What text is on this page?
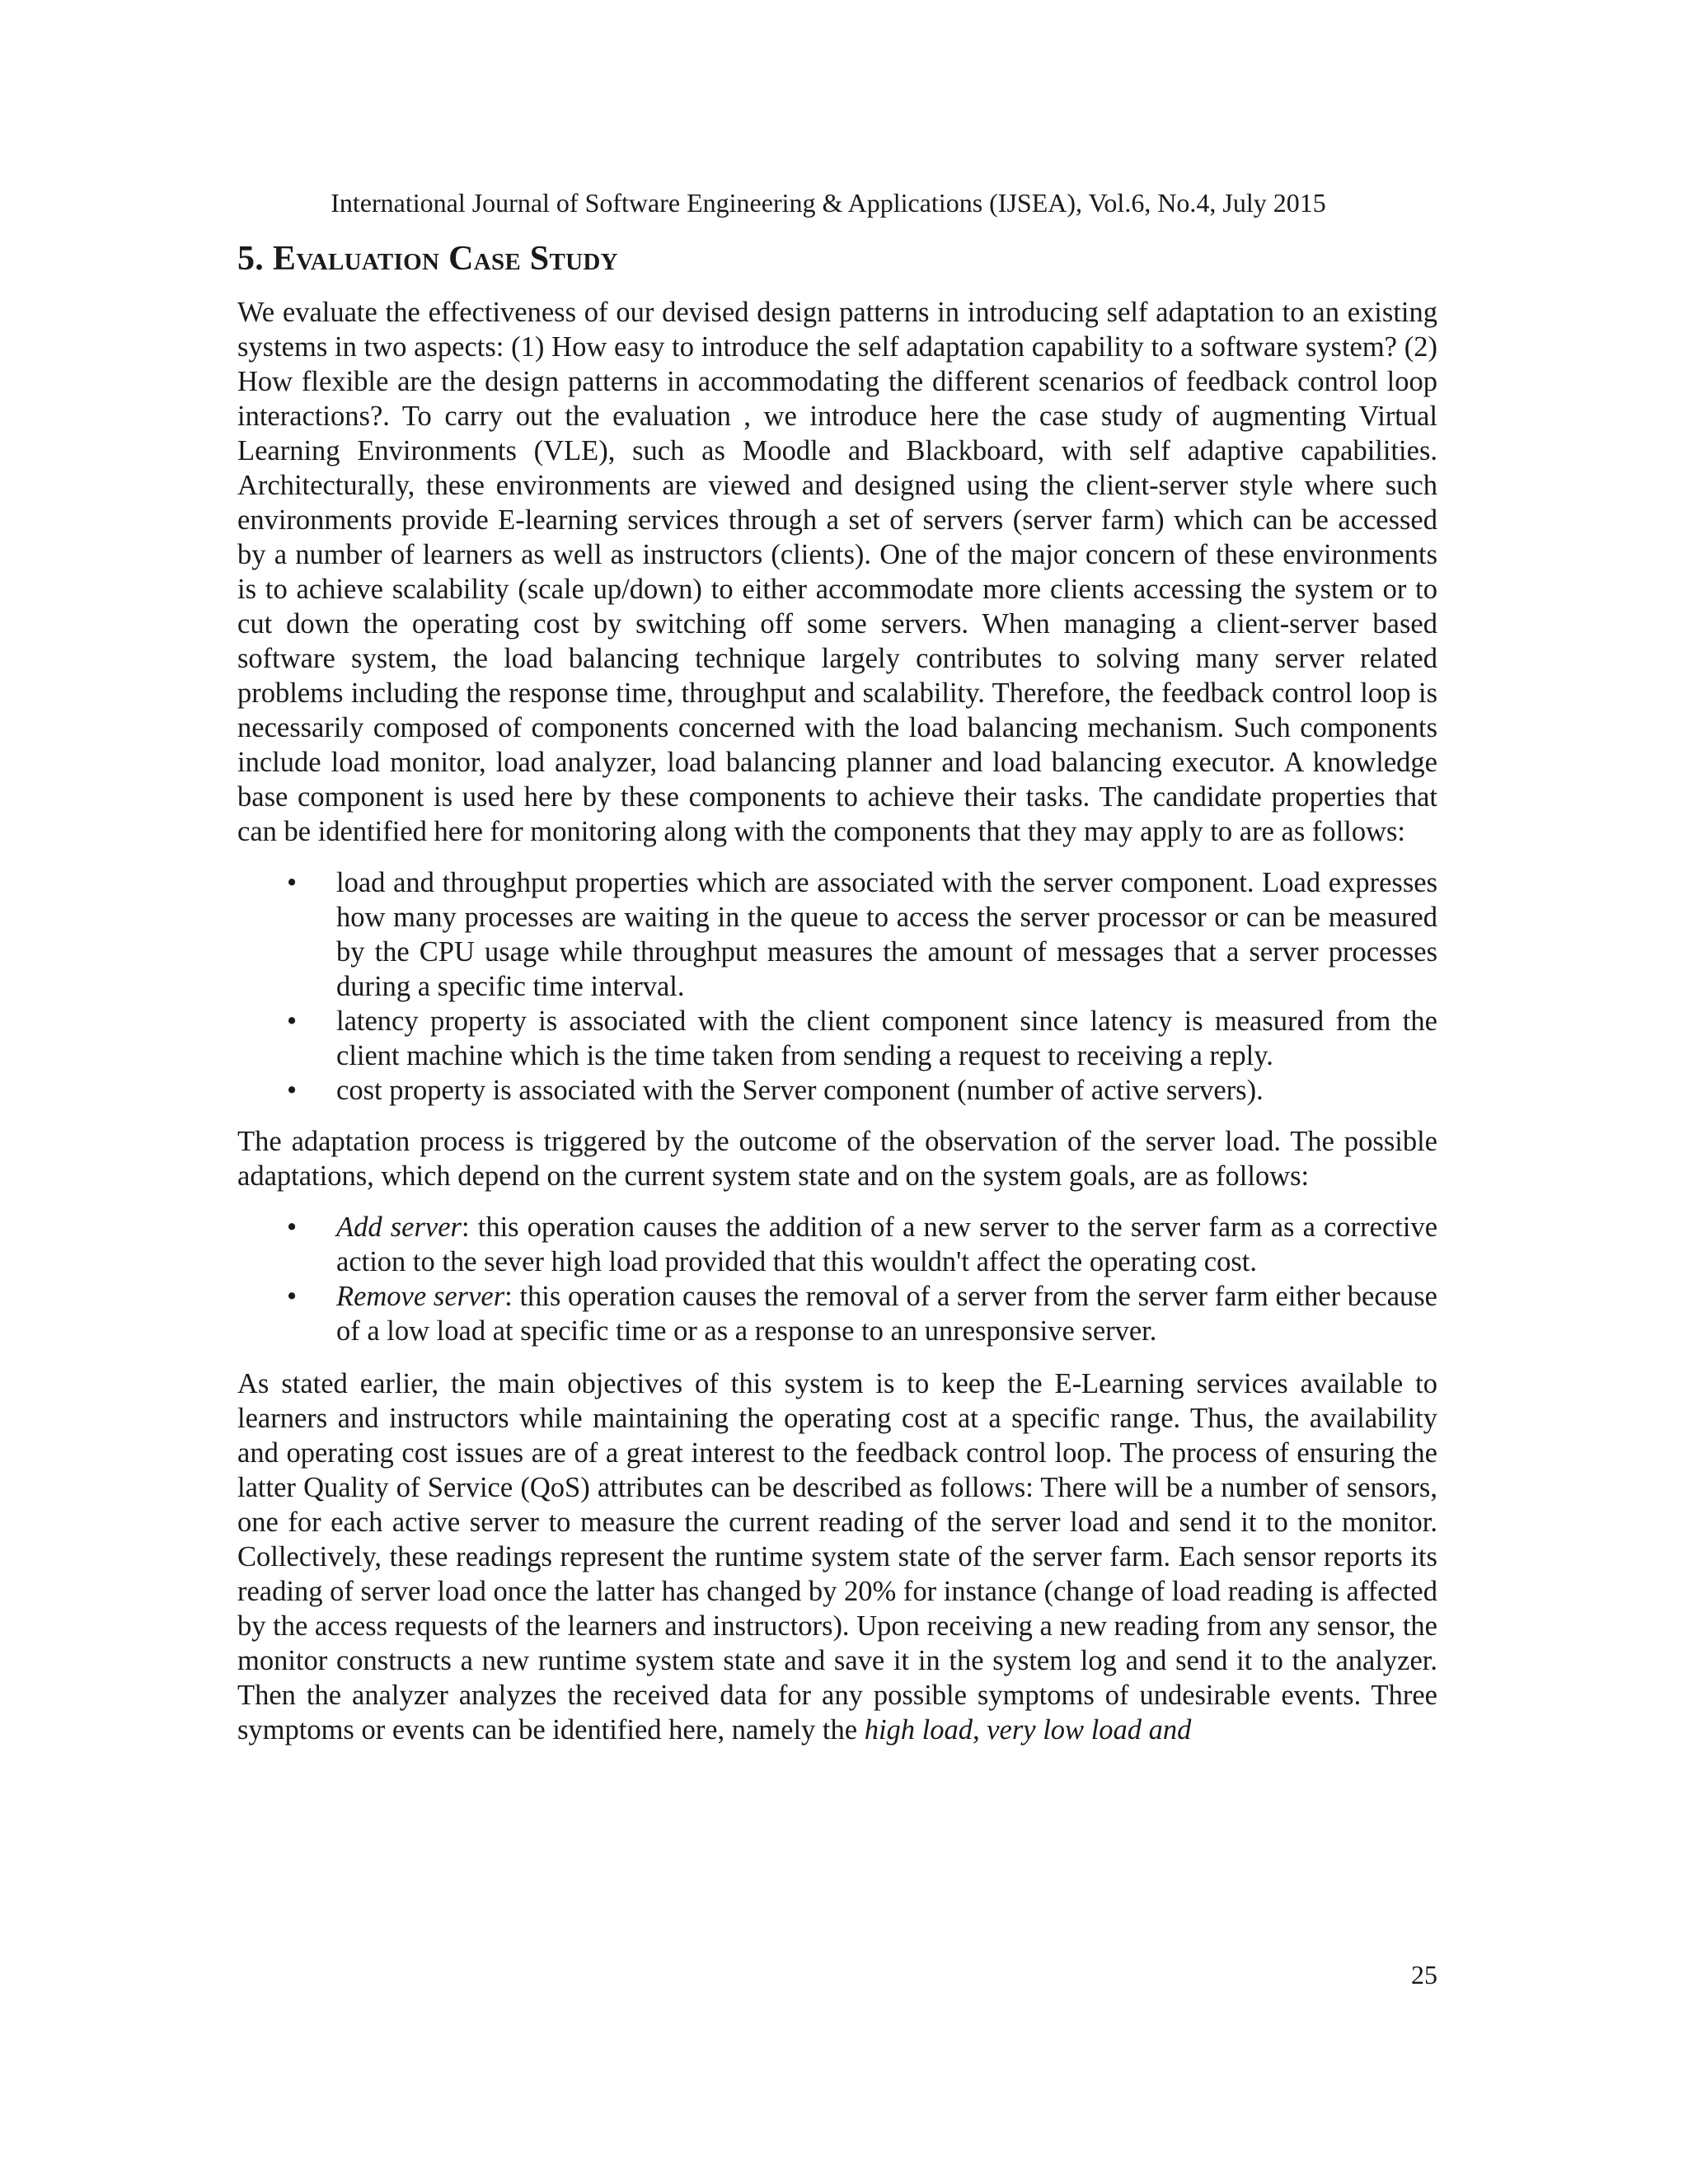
International Journal of Software Engineering & Applications (IJSEA), Vol.6, No.4, July 2015
5. Evaluation Case Study

We evaluate the effectiveness of our devised design patterns in introducing self adaptation to an existing systems in two aspects: (1) How easy to introduce the self adaptation capability to a software system? (2) How flexible are the design patterns in accommodating the different scenarios of feedback control loop interactions?. To carry out the evaluation , we introduce here the case study of augmenting Virtual Learning Environments (VLE), such as Moodle and Blackboard, with self adaptive capabilities. Architecturally, these environments are viewed and designed using the client-server style where such environments provide E-learning services through a set of servers (server farm) which can be accessed by a number of learners as well as instructors (clients). One of the major concern of these environments is to achieve scalability (scale up/down) to either accommodate more clients accessing the system or to cut down the operating cost by switching off some servers. When managing a client-server based software system, the load balancing technique largely contributes to solving many server related problems including the response time, throughput and scalability. Therefore, the feedback control loop is necessarily composed of components concerned with the load balancing mechanism. Such components include load monitor, load analyzer, load balancing planner and load balancing executor. A knowledge base component is used here by these components to achieve their tasks. The candidate properties that can be identified here for monitoring along with the components that they may apply to are as follows:

• load and throughput properties which are associated with the server component. Load expresses how many processes are waiting in the queue to access the server processor or can be measured by the CPU usage while throughput measures the amount of messages that a server processes during a specific time interval.
• latency property is associated with the client component since latency is measured from the client machine which is the time taken from sending a request to receiving a reply.
• cost property is associated with the Server component (number of active servers).

The adaptation process is triggered by the outcome of the observation of the server load. The possible adaptations, which depend on the current system state and on the system goals, are as follows:

• Add server: this operation causes the addition of a new server to the server farm as a corrective action to the sever high load provided that this wouldn't affect the operating cost.
• Remove server: this operation causes the removal of a server from the server farm either because of a low load at specific time or as a response to an unresponsive server.

As stated earlier, the main objectives of this system is to keep the E-Learning services available to learners and instructors while maintaining the operating cost at a specific range. Thus, the availability and operating cost issues are of a great interest to the feedback control loop. The process of ensuring the latter Quality of Service (QoS) attributes can be described as follows: There will be a number of sensors, one for each active server to measure the current reading of the server load and send it to the monitor. Collectively, these readings represent the runtime system state of the server farm. Each sensor reports its reading of server load once the latter has changed by 20% for instance (change of load reading is affected by the access requests of the learners and instructors). Upon receiving a new reading from any sensor, the monitor constructs a new runtime system state and save it in the system log and send it to the analyzer. Then the analyzer analyzes the received data for any possible symptoms of undesirable events. Three symptoms or events can be identified here, namely the high load, very low load and

25
